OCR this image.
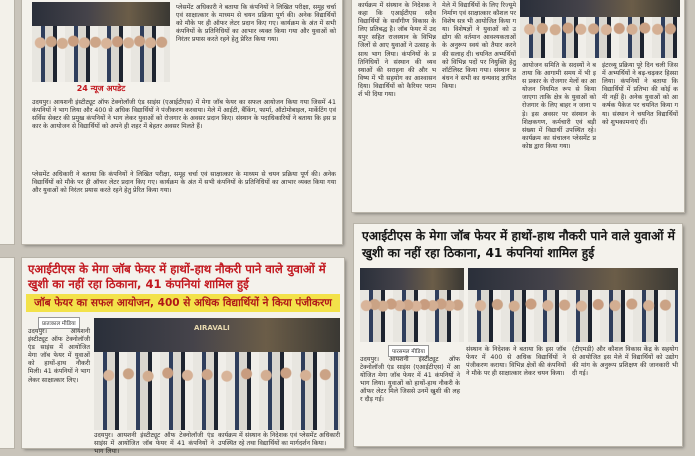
24 न्यूज अपडेट
प्लेसमेंट अधिकारी ने बताया कि कंपनियों ने लिखित परीक्षा, समूह चर्चा एवं साक्षात्कार के माध्यम से चयन प्रक्रिया पूर्ण की। अनेक विद्यार्थियों को मौके पर ही ऑफर लेटर प्रदान किए गए। कार्यक्रम के अंत में सभी कंपनियों के प्रतिनिधियों का आभार व्यक्त किया गया और युवाओं को निरंतर प्रयास करते रहने हेतु प्रेरित किया गया।
उदयपुर। आयशनी इंस्टीट्यूट ऑफ टेक्नोलॉजी एंड साइंस (एआईटीएस) में मेगा जॉब फेयर का सफल आयोजन किया गया जिसमें 41 कंपनियों ने भाग लिया और 400 से अधिक विद्यार्थियों ने पंजीकरण करवाया। मेले में आईटी, बैंकिंग, फार्मा, ऑटोमोबाइल, मार्केटिंग एवं सर्विस सेक्टर की प्रमुख कंपनियों ने भाग लेकर युवाओं को रोजगार के अवसर प्रदान किए। संस्थान के पदाधिकारियों ने बताया कि इस प्रकार के आयोजन से विद्यार्थियों को अपने ही शहर में बेहतर अवसर मिलते हैं।
प्लेसमेंट अधिकारी ने बताया कि कंपनियों ने लिखित परीक्षा, समूह चर्चा एवं साक्षात्कार के माध्यम से चयन प्रक्रिया पूर्ण की। अनेक विद्यार्थियों को मौके पर ही ऑफर लेटर प्रदान किए गए। कार्यक्रम के अंत में सभी कंपनियों के प्रतिनिधियों का आभार व्यक्त किया गया और युवाओं को निरंतर प्रयास करते रहने हेतु प्रेरित किया गया।
कार्यक्रम में संस्थान के निदेशक ने कहा कि एआईटीएस सदैव विद्यार्थियों के सर्वांगीण विकास के लिए प्रतिबद्ध है। जॉब फेयर में उदयपुर सहित राजस्थान के विभिन्न जिलों से आए युवाओं ने उत्साह के साथ भाग लिया। कंपनियों के प्रतिनिधियों ने संस्थान की व्यवस्थाओं की सराहना की और भविष्य में भी सहयोग का आश्वासन दिया। विद्यार्थियों को कैरियर परामर्श भी दिया गया।
मेले में विद्यार्थियों के लिए रिज्यूमे निर्माण एवं साक्षात्कार कौशल पर विशेष सत्र भी आयोजित किया गया। विशेषज्ञों ने युवाओं को उद्योग की वर्तमान आवश्यकताओं के अनुरूप स्वयं को तैयार करने की सलाह दी। चयनित अभ्यर्थियों को विभिन्न पदों पर नियुक्ति हेतु शॉर्टलिस्ट किया गया। संस्थान प्रबंधन ने सभी का धन्यवाद ज्ञापित किया।
आयोजन समिति के सदस्यों ने बताया कि आगामी समय में भी इस प्रकार के रोजगार मेलों का आयोजन नियमित रूप से किया जाएगा ताकि क्षेत्र के युवाओं को रोजगार के लिए बाहर न जाना पड़े। इस अवसर पर संस्थान के शिक्षकगण, कर्मचारी एवं बड़ी संख्या में विद्यार्थी उपस्थित रहे। कार्यक्रम का संचालन प्लेसमेंट प्रकोष्ठ द्वारा किया गया।
इंटरव्यू प्रक्रिया पूरे दिन चली जिसमें अभ्यर्थियों ने बढ़-चढ़कर हिस्सा लिया। कंपनियों ने बताया कि विद्यार्थियों में प्रतिभा की कोई कमी नहीं है। अनेक युवाओं को आकर्षक पैकेज पर चयनित किया गया। संस्थान ने चयनित विद्यार्थियों को शुभकामनाएं दीं।
एआईटीएस के मेगा जॉब फेयर में हाथों-हाथ नौकरी पाने वाले युवाओं में खुशी का नहीं रहा ठिकाना, 41 कंपनियां शामिल हुई
जॉब फेयर का सफल आयोजन, 400 से अधिक विद्यार्थियों ने किया पंजीकरण
प्रातःकाल मीडिया
उदयपुर। आयशनी इंस्टीट्यूट ऑफ टेक्नोलॉजी एंड साइंस में आयोजित मेगा जॉब फेयर में युवाओं को हाथों-हाथ नौकरी मिली। 41 कंपनियों ने भाग लेकर साक्षात्कार लिए।
AIRAVALI
उदयपुर। आयशनी इंस्टीट्यूट ऑफ टेक्नोलॉजी एंड साइंस में आयोजित जॉब फेयर में 41 कंपनियों ने भाग लिया।
कार्यक्रम में संस्थान के निदेशक एवं प्लेसमेंट अधिकारी उपस्थित रहे तथा विद्यार्थियों का मार्गदर्शन किया।
एआईटीएस के मेगा जॉब फेयर में हाथों-हाथ नौकरी पाने वाले युवाओं में खुशी का नहीं रहा ठिकाना, 41 कंपनियां शामिल हुई
पारसमल मीडिया
उदयपुर। आयशनी इंस्टीट्यूट ऑफ टेक्नोलॉजी एंड साइंस (एआईटीएस) में आयोजित मेगा जॉब फेयर में 41 कंपनियों ने भाग लिया। युवाओं को हाथों-हाथ नौकरी के ऑफर लेटर मिले जिससे उनमें खुशी की लहर दौड़ गई।
संस्थान के निदेशक ने बताया कि इस जॉब फेयर में 400 से अधिक विद्यार्थियों ने पंजीकरण कराया। विभिन्न क्षेत्रों की कंपनियों ने मौके पर ही साक्षात्कार लेकर चयन किया।
(टीएमडी) और कौशल विकास केंद्र के सहयोग से आयोजित इस मेले में विद्यार्थियों को उद्योग की मांग के अनुरूप प्रशिक्षण की जानकारी भी दी गई।
